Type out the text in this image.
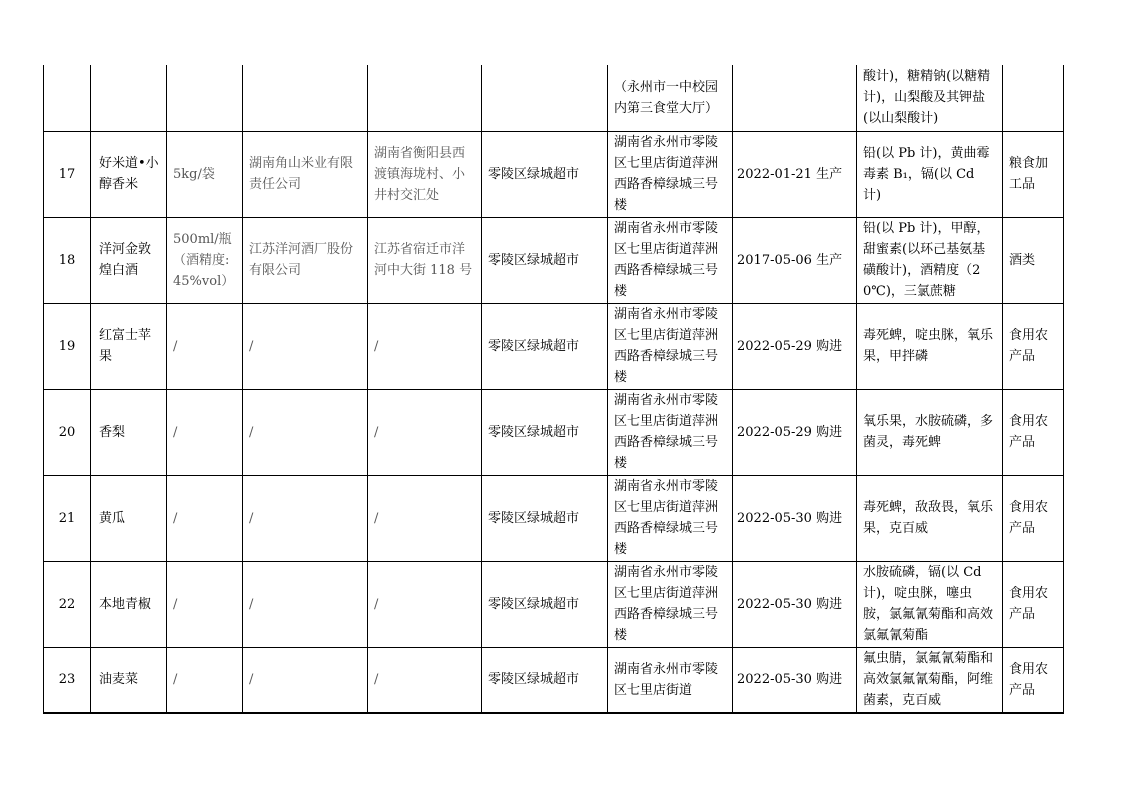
						（永州市一中校园内第三食堂大厅）		酸计)，糖精钠(以糖精计)，山梨酸及其钾盐(以山梨酸计)	
17	好米道•小醇香米	5kg/袋	湖南角山米业有限责任公司	湖南省衡阳县西渡镇海垅村、小井村交汇处	零陵区绿城超市	湖南省永州市零陵区七里店街道萍洲西路香樟绿城三号楼	2022-01-21 生产	铅(以 Pb 计)，黄曲霉毒素 B₁，镉(以 Cd 计)	粮食加工品
18	洋河金敦煌白酒	500ml/瓶（酒精度:45%vol）	江苏洋河酒厂股份有限公司	江苏省宿迁市洋河中大街 118 号	零陵区绿城超市	湖南省永州市零陵区七里店街道萍洲西路香樟绿城三号楼	2017-05-06 生产	铅(以 Pb 计)，甲醇，甜蜜素(以环己基氨基磺酸计)，酒精度（20℃)，三氯蔗糖	酒类
19	红富士苹果	/	/	/	零陵区绿城超市	湖南省永州市零陵区七里店街道萍洲西路香樟绿城三号楼	2022-05-29 购进	毒死蜱，啶虫脒，氧乐果，甲拌磷	食用农产品
20	香梨	/	/	/	零陵区绿城超市	湖南省永州市零陵区七里店街道萍洲西路香樟绿城三号楼	2022-05-29 购进	氧乐果，水胺硫磷，多菌灵，毒死蜱	食用农产品
21	黄瓜	/	/	/	零陵区绿城超市	湖南省永州市零陵区七里店街道萍洲西路香樟绿城三号楼	2022-05-30 购进	毒死蜱，敌敌畏，氧乐果，克百威	食用农产品
22	本地青椒	/	/	/	零陵区绿城超市	湖南省永州市零陵区七里店街道萍洲西路香樟绿城三号楼	2022-05-30 购进	水胺硫磷，镉(以 Cd 计)，啶虫脒，噻虫胺，氯氟氰菊酯和高效氯氟氰菊酯	食用农产品
23	油麦菜	/	/	/	零陵区绿城超市	湖南省永州市零陵区七里店街道	2022-05-30 购进	氟虫腈，氯氟氰菊酯和高效氯氟氰菊酯，阿维菌素，克百威	食用农产品
